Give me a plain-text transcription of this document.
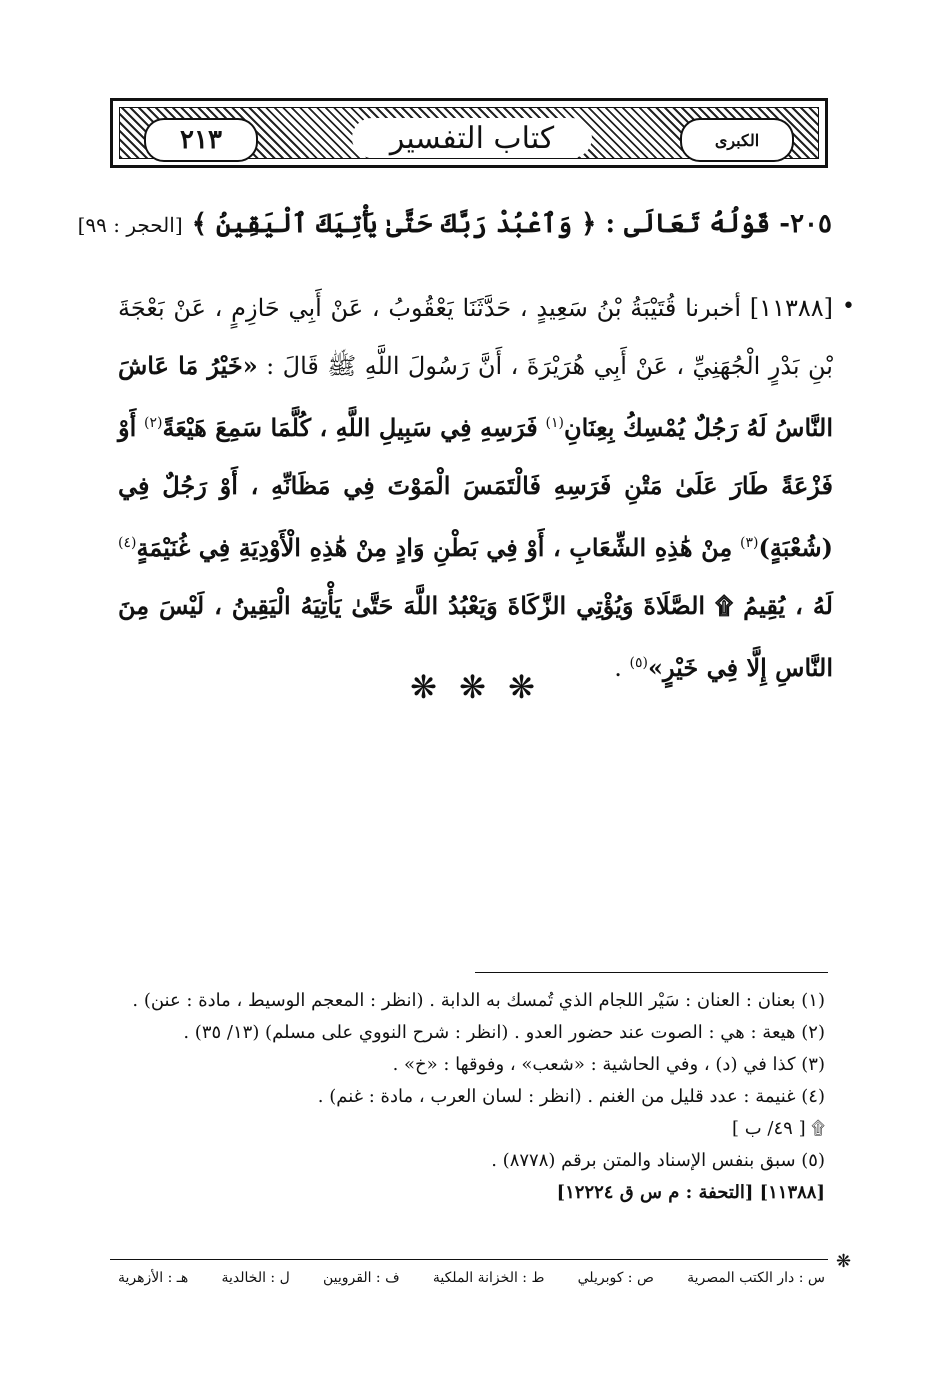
٢١٣	كتاب التفسير	الكبرى
٢٠٥- قَوْلُهُ تَعَالَى : ﴿ وَٱعْبُدْ رَبَّكَ حَتَّىٰ يَأْتِيَكَ ٱلْيَقِينُ ﴾ [الحجر : ٩٩]
•
[١١٣٨٨] أخبرنا قُتَيْبَةُ بْنُ سَعِيدٍ ، حَدَّثَنَا يَعْقُوبُ ، عَنْ أَبِي حَازِمٍ ، عَنْ بَعْجَةَ بْنِ بَدْرٍ الْجُهَنِيِّ ، عَنْ أَبِي هُرَيْرَةَ ، أَنَّ رَسُولَ اللَّهِ ﷺ قَالَ : «خَيْرُ مَا عَاشَ النَّاسُ لَهُ رَجُلٌ يُمْسِكُ بِعِنَانِ$^{(١)}$ فَرَسِهِ فِي سَبِيلِ اللَّهِ ، كُلَّمَا سَمِعَ هَيْعَةً$^{(٢)}$ أَوْ فَزْعَةً طَارَ عَلَىٰ مَتْنِ فَرَسِهِ فَالْتَمَسَ الْمَوْتَ فِي مَظَانِّهِ ، أَوْ رَجُلٌ فِي (شُعْبَةٍ)$^{(٣)}$ مِنْ هَٰذِهِ الشِّعَابِ ، أَوْ فِي بَطْنِ وَادٍ مِنْ هَٰذِهِ الْأَوْدِيَةِ فِي غُنَيْمَةٍ$^{(٤)}$ لَهُ ، يُقِيمُ ۩ الصَّلَاةَ وَيُؤْتِي الزَّكَاةَ وَيَعْبُدُ اللَّهَ حَتَّىٰ يَأْتِيَهُ الْيَقِينُ ، لَيْسَ مِنَ النَّاسِ إِلَّا فِي خَيْرٍ»$^{(٥)}$ .
❋ ❋ ❋
(١) بعنان : العنان : سَيْر اللجام الذي تُمسك به الدابة . (انظر : المعجم الوسيط ، مادة : عنن) .
(٢) هيعة : هي : الصوت عند حضور العدو . (انظر : شرح النووي على مسلم) (١٣/ ٣٥) .
(٣) كذا في (د) ، وفي الحاشية : «شعب» ، وفوقها : «خ» .
(٤) غنيمة : عدد قليل من الغنم . (انظر : لسان العرب ، مادة : غنم) .
۩ [ ٤٩/ ب ]
(٥) سبق بنفس الإسناد والمتن برقم (٨٧٧٨) .
[١١٣٨٨] [التحفة : م س ق ١٢٢٢٤]
❋
س : دار الكتب المصرية
ص : كوبريلي
ط : الخزانة الملكية
ف : القرويين
ل : الخالدية
هـ : الأزهرية
